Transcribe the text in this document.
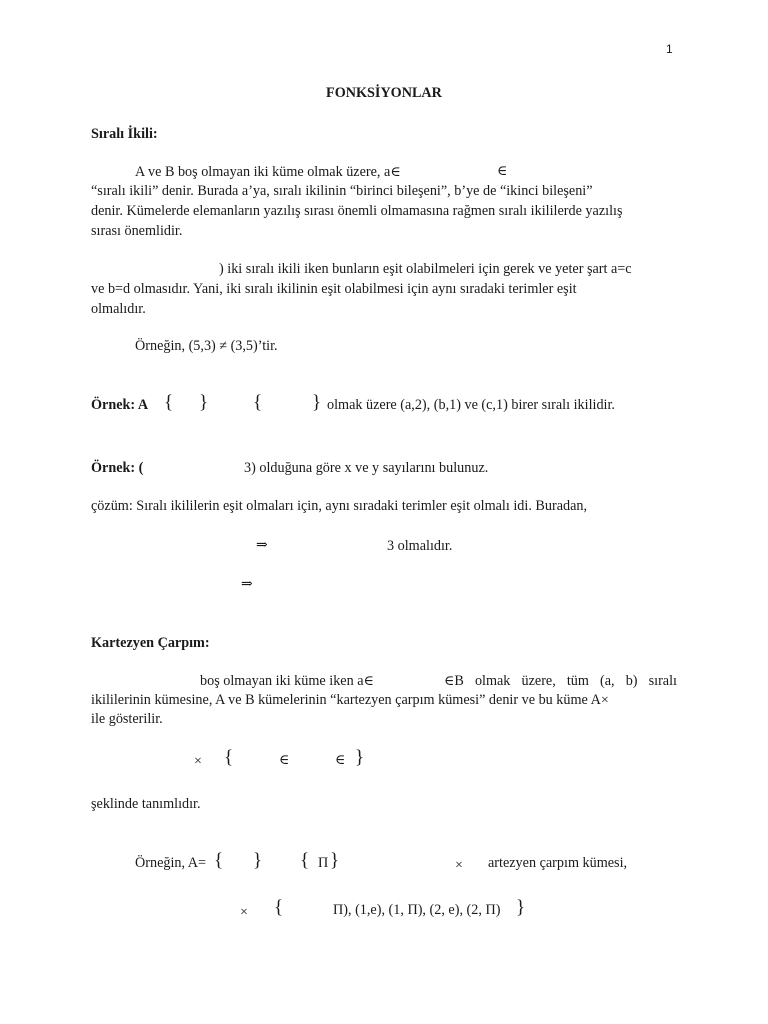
1
FONKSİYONLAR
Sıralı İkili:
A ve B boş olmayan iki küme olmak üzere, a∈	∈

“sıralı ikili” denir. Burada a’ya, sıralı ikilinin “birinci bileşeni”, b’ye de “ikinci bileşeni”

denir. Kümelerde elemanların yazılış sırası önemli olmamasına rağmen sıralı ikililerde yazılış

sırası önemlidir.

) iki sıralı ikili iken bunların eşit olabilmeleri için gerek ve yeter şart a=c

ve b=d olmasıdır. Yani, iki sıralı ikilinin eşit olabilmesi için aynı sıradaki terimler eşit

olmalıdır.

Örneğin, (5,3) ≠ (3,5)’tir.
Örnek: A { } {	} olmak üzere (a,2), (b,1) ve (c,1) birer sıralı ikilidir.
Örnek: (	3) olduğuna göre x ve y sayılarını bulunuz.
çözüm: Sıralı ikililerin eşit olmaları için, aynı sıradaki terimler eşit olmalı idi. Buradan,
⇒	3 olmalıdır.
⇒
Kartezyen Çarpım:
boş olmayan iki küme iken a∈	∈B olmak üzere, tüm (a, b) sıralı
ikililerinin kümesine, A ve B kümelerinin “kartezyen çarpım kümesi” denir ve bu küme A×
ile gösterilir.
× {	∈	∈ }
şeklinde tanımlıdır.
Örneğin, A= { } { Π }	× artezyen çarpım kümesi,
× {	Π), (1,e), (1, Π), (2, e), (2, Π) }
